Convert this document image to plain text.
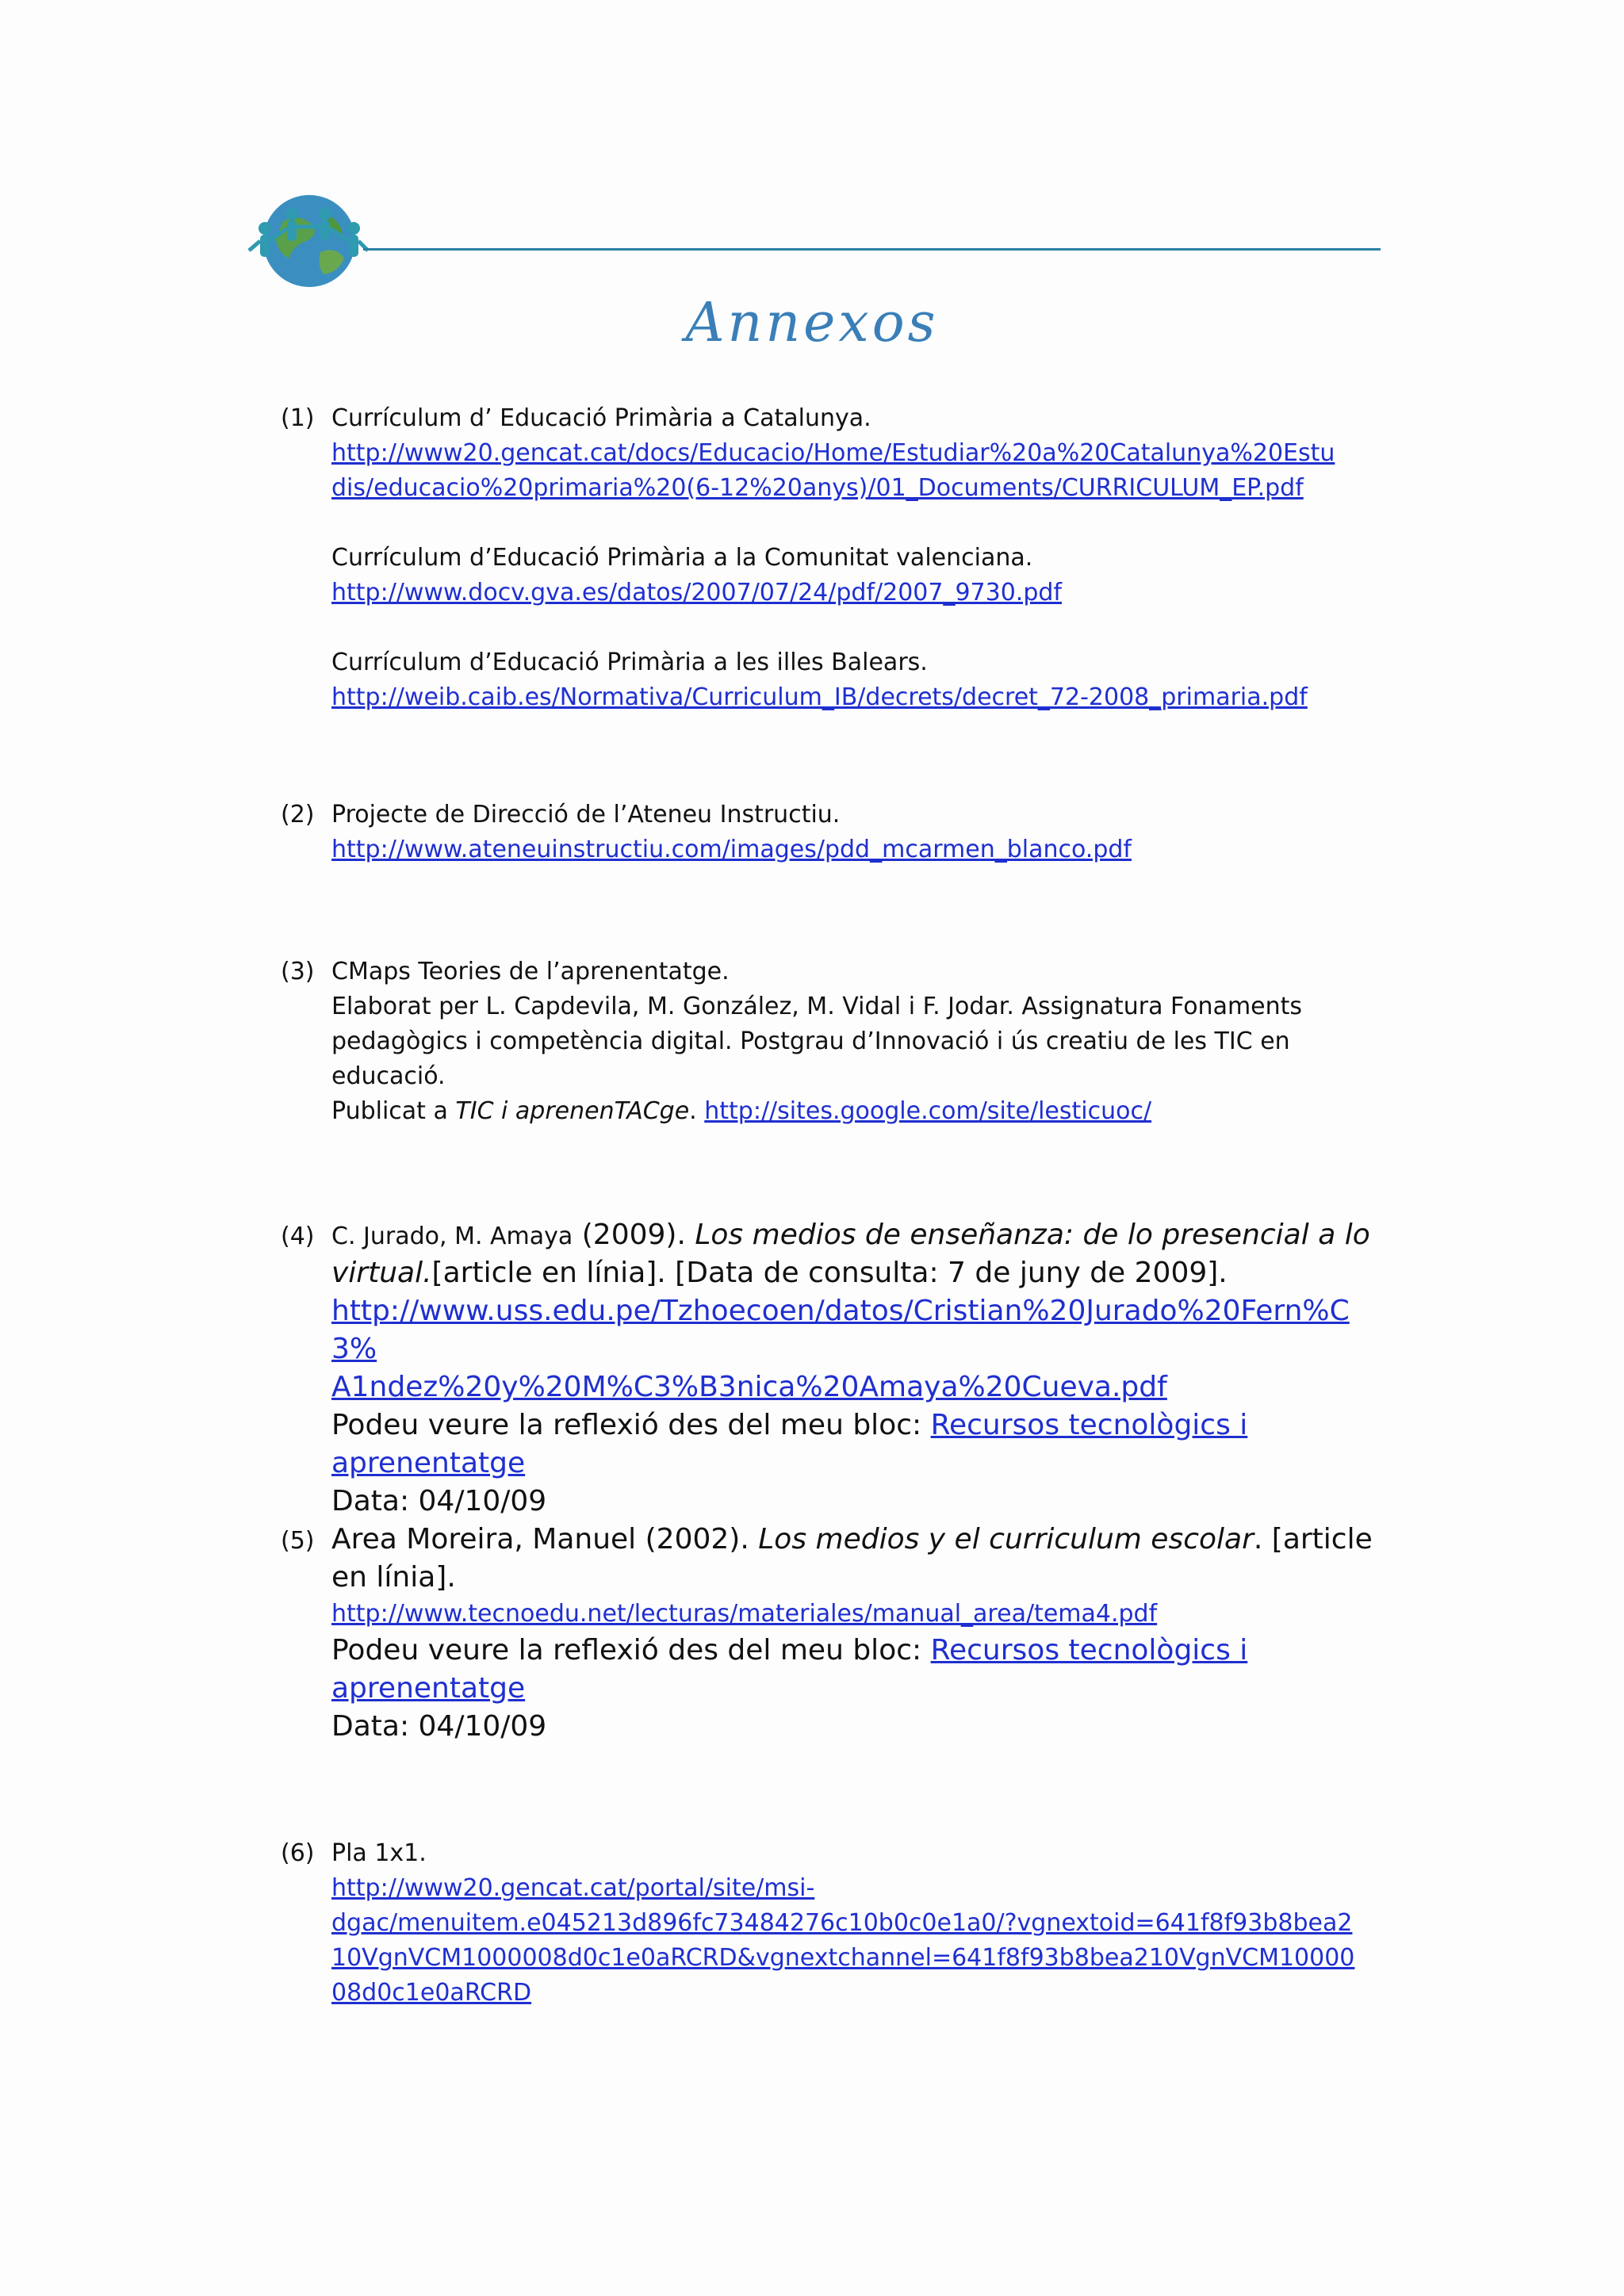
Annexos
(1) Currículum d’ Educació Primària a Catalunya.

http://www20.gencat.cat/docs/Educacio/Home/Estudiar%20a%20Catalunya%20Estu
dis/educacio%20primaria%20(6-12%20anys)/01_Documents/CURRICULUM_EP.pdf

Currículum d’Educació Primària a la Comunitat valenciana.

http://www.docv.gva.es/datos/2007/07/24/pdf/2007_9730.pdf

Currículum d’Educació Primària a les illes Balears.

http://weib.caib.es/Normativa/Curriculum_IB/decrets/decret_72-2008_primaria.pdf
(2) Projecte de Direcció de l’Ateneu Instructiu.

http://www.ateneuinstructiu.com/images/pdd_mcarmen_blanco.pdf
(3) CMaps Teories de l’aprenentatge.

Elaborat per L. Capdevila, M. González, M. Vidal i F. Jodar. Assignatura Fonaments

pedagògics i competència digital. Postgrau d’Innovació i ús creatiu de les TIC en

educació.

Publicat a TIC i aprenenTACge. http://sites.google.com/site/lesticuoc/

(4) C. Jurado, M. Amaya (2009). Los medios de enseñanza: de lo presencial a lo virtual.[article en línia]. [Data de consulta: 7 de juny de 2009].

http://www.uss.edu.pe/Tzhoecoen/datos/Cristian%20Jurado%20Fern%C3%
A1ndez%20y%20M%C3%B3nica%20Amaya%20Cueva.pdf

Podeu veure la reflexió des del meu bloc: Recursos tecnològics i
aprenentatge

Data: 04/10/09

(5) Area Moreira, Manuel (2002). Los medios y el curriculum escolar. [article en línia].

http://www.tecnoedu.net/lecturas/materiales/manual_area/tema4.pdf

Podeu veure la reflexió des del meu bloc: Recursos tecnològics i
aprenentatge

Data: 04/10/09

(6) Pla 1x1.

http://www20.gencat.cat/portal/site/msi-
dgac/menuitem.e045213d896fc73484276c10b0c0e1a0/?vgnextoid=641f8f93b8bea2
10VgnVCM1000008d0c1e0aRCRD&vgnextchannel=641f8f93b8bea210VgnVCM10000
08d0c1e0aRCRD
